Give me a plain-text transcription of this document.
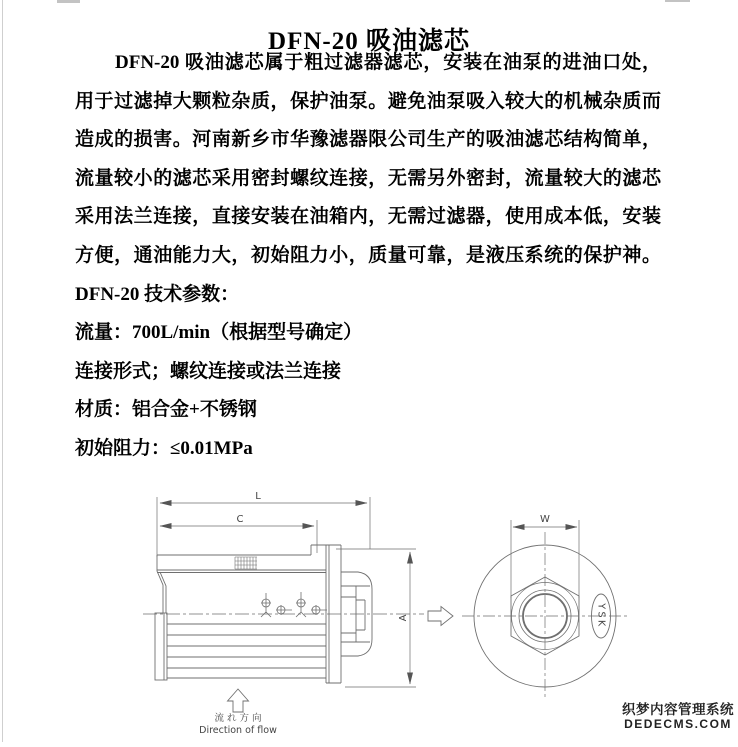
DFN-20 吸油滤芯
DFN-20 吸油滤芯属于粗过滤器滤芯，安装在油泵的进油口处，
用于过滤掉大颗粒杂质，保护油泵。避免油泵吸入较大的机械杂质而
造成的损害。河南新乡市华豫滤器限公司生产的吸油滤芯结构简单，
流量较小的滤芯采用密封螺纹连接，无需另外密封，流量较大的滤芯
采用法兰连接，直接安装在油箱内，无需过滤器，使用成本低，安装
方便，通油能力大，初始阻力小，质量可靠，是液压系统的保护神。
DFN-20 技术参数：
流量：700L/min（根据型号确定）
连接形式；螺纹连接或法兰连接
材质：铝合金+不锈钢
初始阻力：≤0.01MPa
L
C
A
W
YSK
流 れ 方 向
Direction of flow
织梦内容管理系统
DEDECMS.COM
